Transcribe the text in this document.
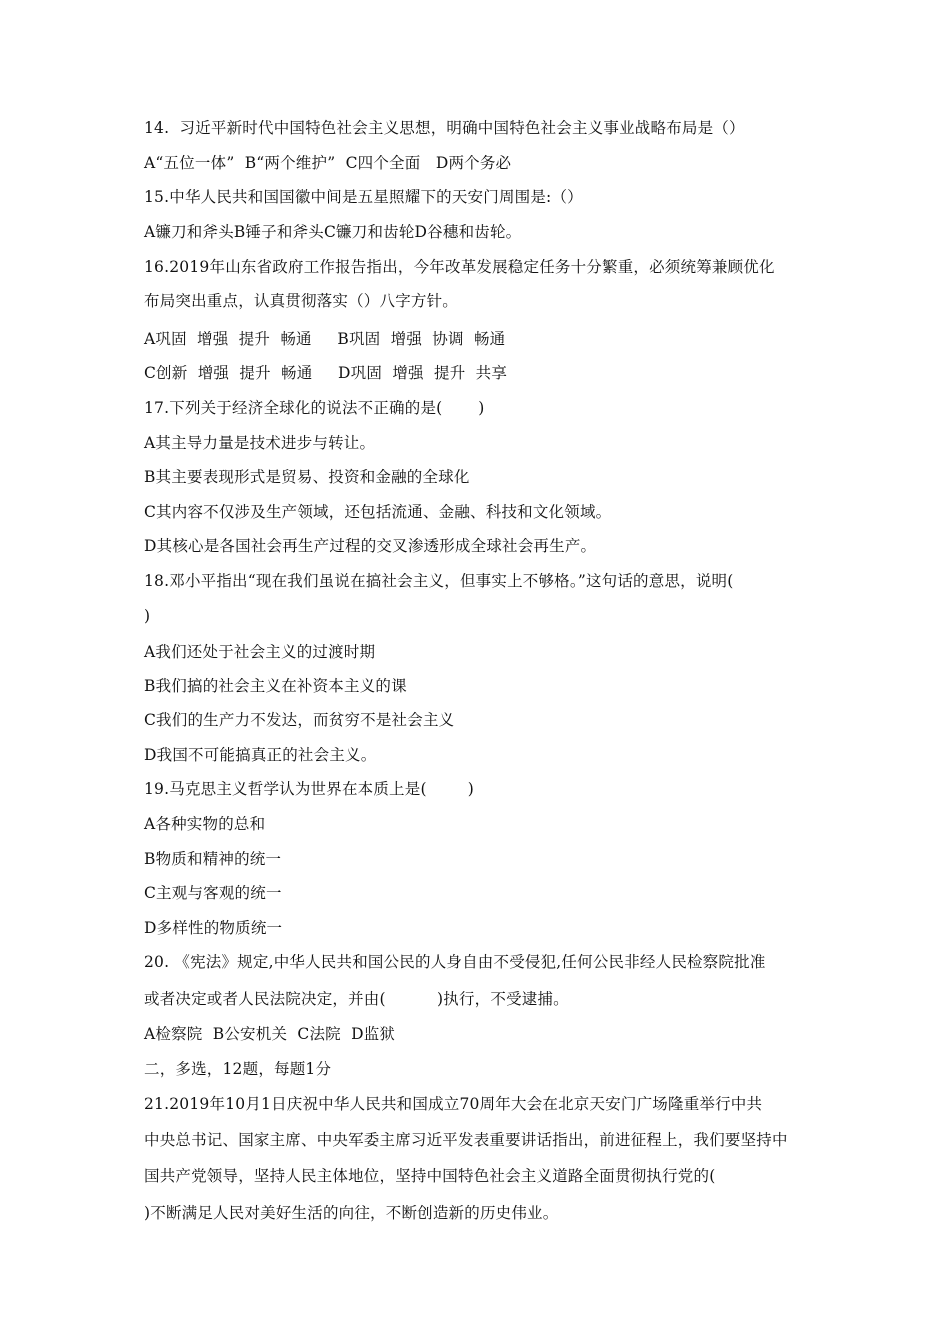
14.  习近平新时代中国特色社会主义思想，明确中国特色社会主义事业战略布局是（）
A“五位一体”  B“两个维护”  C四个全面   D两个务必
15.中华人民共和国国徽中间是五星照耀下的天安门周围是:（）
A镰刀和斧头B锤子和斧头C镰刀和齿轮D谷穗和齿轮。
16.2019年山东省政府工作报告指出，今年改革发展稳定任务十分繁重，必须统筹兼顾优化
布局突出重点，认真贯彻落实（）八字方针。
A巩固  增强  提升  畅通     B巩固  增强  协调  畅通
C创新  增强  提升  畅通     D巩固  增强  提升  共享
17.下列关于经济全球化的说法不正确的是(       )
A其主导力量是技术进步与转让。
B其主要表现形式是贸易、投资和金融的全球化
C其内容不仅涉及生产领域，还包括流通、金融、科技和文化领域。
D其核心是各国社会再生产过程的交叉渗透形成全球社会再生产。
18.邓小平指出“现在我们虽说在搞社会主义，但事实上不够格。”这句话的意思，说明(
)
A我们还处于社会主义的过渡时期
B我们搞的社会主义在补资本主义的课
C我们的生产力不发达，而贫穷不是社会主义
D我国不可能搞真正的社会主义。
19.马克思主义哲学认为世界在本质上是(        )
A各种实物的总和
B物质和精神的统一
C主观与客观的统一
D多样性的物质统一
20. 《宪法》规定,中华人民共和国公民的人身自由不受侵犯,任何公民非经人民检察院批准
或者决定或者人民法院决定，并由(          )执行，不受逮捕。
A检察院  B公安机关  C法院  D监狱
二，多选，12题，每题1分
21.2019年10月1日庆祝中华人民共和国成立70周年大会在北京天安门广场隆重举行中共
中央总书记、国家主席、中央军委主席习近平发表重要讲话指出，前进征程上，我们要坚持中
国共产党领导，坚持人民主体地位，坚持中国特色社会主义道路全面贯彻执行党的(
)不断满足人民对美好生活的向往，不断创造新的历史伟业。
